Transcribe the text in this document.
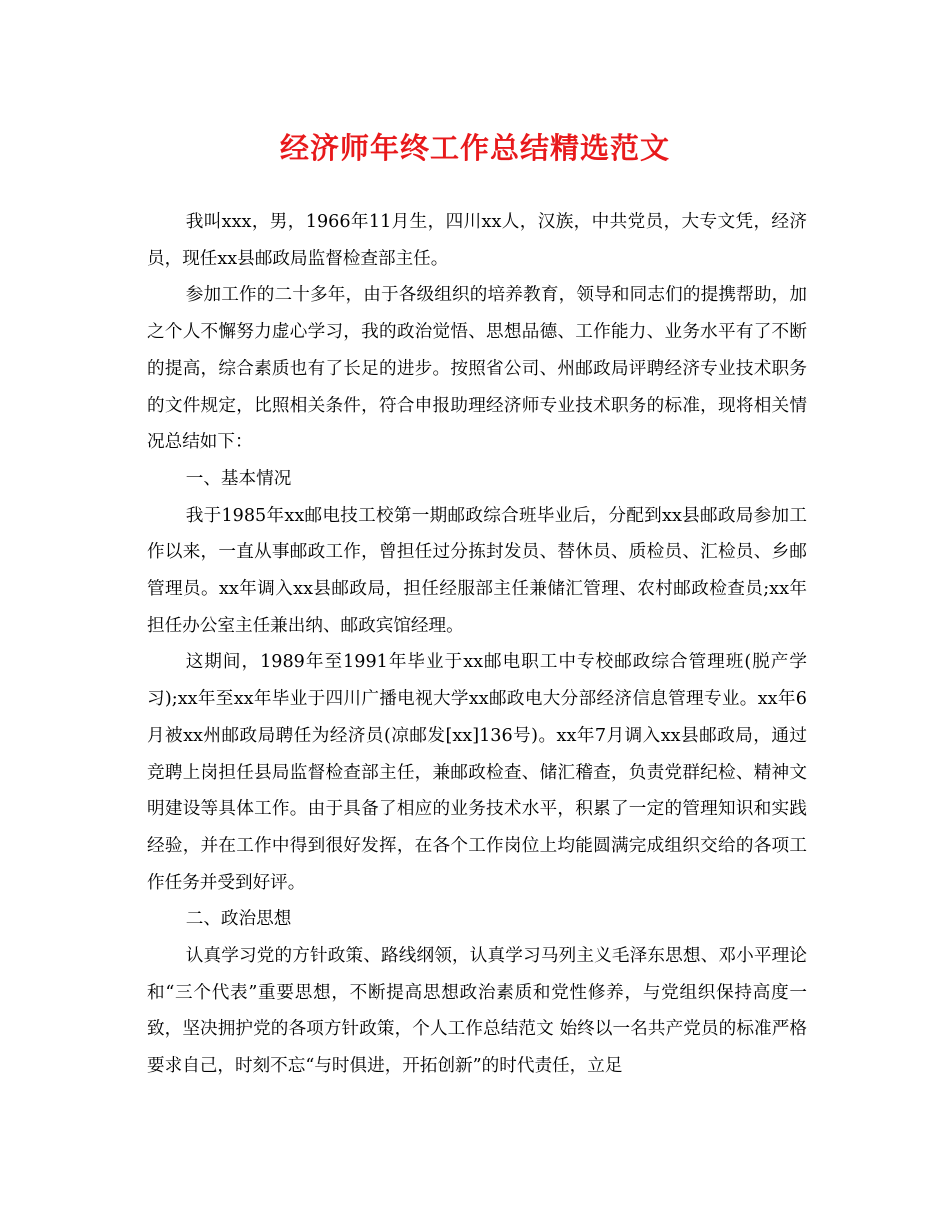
经济师年终工作总结精选范文

我叫xxx，男，1966年11月生，四川xx人，汉族，中共党员，大专文凭，经济员，现任xx县邮政局监督检查部主任。

参加工作的二十多年，由于各级组织的培养教育，领导和同志们的提携帮助，加之个人不懈努力虚心学习，我的政治觉悟、思想品德、工作能力、业务水平有了不断的提高，综合素质也有了长足的进步。按照省公司、州邮政局评聘经济专业技术职务的文件规定，比照相关条件，符合申报助理经济师专业技术职务的标准，现将相关情况总结如下：

一、基本情况

我于1985年xx邮电技工校第一期邮政综合班毕业后，分配到xx县邮政局参加工作以来，一直从事邮政工作，曾担任过分拣封发员、替休员、质检员、汇检员、乡邮管理员。xx年调入xx县邮政局，担任经服部主任兼储汇管理、农村邮政检查员;xx年担任办公室主任兼出纳、邮政宾馆经理。

这期间，1989年至1991年毕业于xx邮电职工中专校邮政综合管理班(脱产学习);xx年至xx年毕业于四川广播电视大学xx邮政电大分部经济信息管理专业。xx年6月被xx州邮政局聘任为经济员(凉邮发[xx]136号)。xx年7月调入xx县邮政局，通过竞聘上岗担任县局监督检查部主任，兼邮政检查、储汇稽查，负责党群纪检、精神文明建设等具体工作。由于具备了相应的业务技术水平，积累了一定的管理知识和实践经验，并在工作中得到很好发挥，在各个工作岗位上均能圆满完成组织交给的各项工作任务并受到好评。

二、政治思想

认真学习党的方针政策、路线纲领，认真学习马列主义毛泽东思想、邓小平理论和“三个代表”重要思想，不断提高思想政治素质和党性修养，与党组织保持高度一致，坚决拥护党的各项方针政策，个人工作总结范文 始终以一名共产党员的标准严格要求自己，时刻不忘“与时俱进，开拓创新”的时代责任，立足
